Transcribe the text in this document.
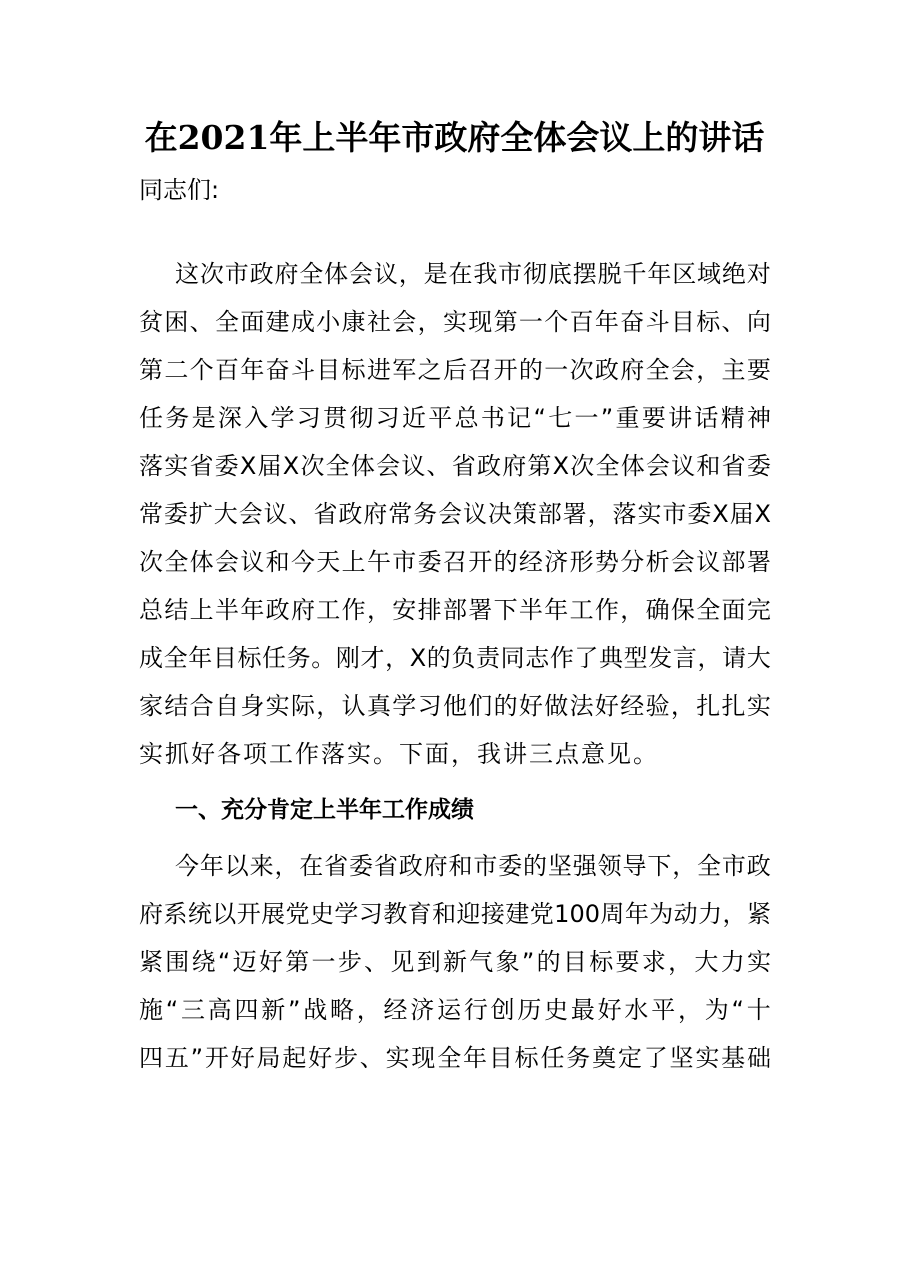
在2021年上半年市政府全体会议上的讲话
同志们:
这 次 市 政 府 全 体 会 议 ， 是 在 我 市 彻 底 摆 脱 千 年 区 域 绝 对
贫 困 、 全 面 建 成 小 康 社 会 ， 实 现 第 一 个 百 年 奋 斗 目 标 、 向
第 二 个 百 年 奋 斗 目 标 进 军 之 后 召 开 的 一 次 政 府 全 会 ， 主 要
任 务 是 深 入 学 习 贯 彻 习 近 平 总 书 记 “ 七 一 ” 重 要 讲 话 精 神
落 实 省 委 X 届 X 次 全 体 会 议 、 省 政 府 第 X 次 全 体 会 议 和 省 委
常 委 扩 大 会 议 、 省 政 府 常 务 会 议 决 策 部 署 ， 落 实 市 委 X 届 X
次 全 体 会 议 和 今 天 上 午 市 委 召 开 的 经 济 形 势 分 析 会 议 部 署
总 结 上 半 年 政 府 工 作 ， 安 排 部 署 下 半 年 工 作 ， 确 保 全 面 完
成 全 年 目 标 任 务 。 刚 才 ， X 的 负 责 同 志 作 了 典 型 发 言 ， 请 大
家 结 合 自 身 实 际 ， 认 真 学 习 他 们 的 好 做 法 好 经 验 ， 扎 扎 实
实抓好各项工作落实。下面，我讲三点意见。
一、充分肯定上半年工作成绩
今 年 以 来 ， 在 省 委 省 政 府 和 市 委 的 坚 强 领 导 下 ， 全 市 政
府 系 统 以 开 展 党 史 学 习 教 育 和 迎 接 建 党 100 周 年 为 动 力 ， 紧
紧 围 绕 “ 迈 好 第 一 步 、 见 到 新 气 象 ” 的 目 标 要 求 ， 大 力 实
施 “ 三 高 四 新 ” 战 略 ， 经 济 运 行 创 历 史 最 好 水 平 ， 为 “ 十
四 五 ” 开 好 局 起 好 步 、 实 现 全 年 目 标 任 务 奠 定 了 坚 实 基 础
